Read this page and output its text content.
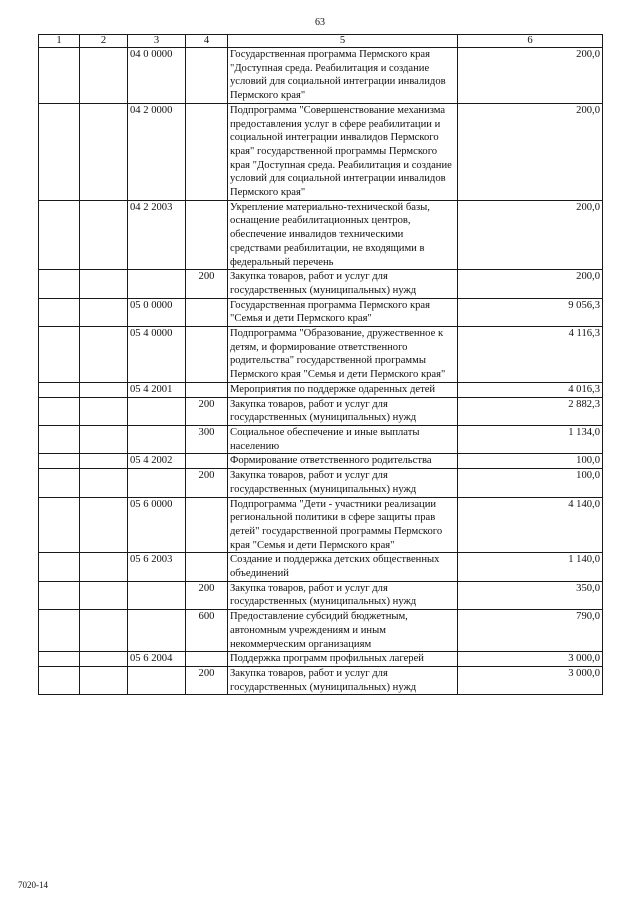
63
1	2	3	4	5	6
		04 0 0000		Государственная программа Пермского края "Доступная среда. Реабилитация и создание условий для социальной интеграции инвалидов Пермского края"	200,0
		04 2 0000		Подпрограмма "Совершенствование механизма предоставления услуг в сфере реабилитации и социальной интеграции инвалидов Пермского края" государственной программы Пермского края "Доступная среда. Реабилитация и создание условий для социальной интеграции инвалидов Пермского края"	200,0
		04 2 2003		Укрепление материально-технической базы, оснащение реабилитационных центров, обеспечение инвалидов техническими средствами реабилитации, не входящими в федеральный перечень	200,0
			200	Закупка товаров, работ и услуг для государственных (муниципальных) нужд	200,0
		05 0 0000		Государственная программа Пермского края "Семья и дети Пермского края"	9 056,3
		05 4 0000		Подпрограмма "Образование, дружественное к детям, и формирование ответственного родительства" государственной программы Пермского края "Семья и дети Пермского края"	4 116,3
		05 4 2001		Мероприятия по поддержке одаренных детей	4 016,3
			200	Закупка товаров, работ и услуг для государственных (муниципальных) нужд	2 882,3
			300	Социальное обеспечение и иные выплаты населению	1 134,0
		05 4 2002		Формирование ответственного родительства	100,0
			200	Закупка товаров, работ и услуг для государственных (муниципальных) нужд	100,0
		05 6 0000		Подпрограмма "Дети - участники реализации региональной политики в сфере защиты прав детей" государственной программы Пермского края "Семья и дети Пермского края"	4 140,0
		05 6 2003		Создание и поддержка детских общественных объединений	1 140,0
			200	Закупка товаров, работ и услуг для государственных (муниципальных) нужд	350,0
			600	Предоставление субсидий бюджетным, автономным учреждениям и иным некоммерческим организациям	790,0
		05 6 2004		Поддержка программ профильных лагерей	3 000,0
			200	Закупка товаров, работ и услуг для государственных (муниципальных) нужд	3 000,0
7020-14
